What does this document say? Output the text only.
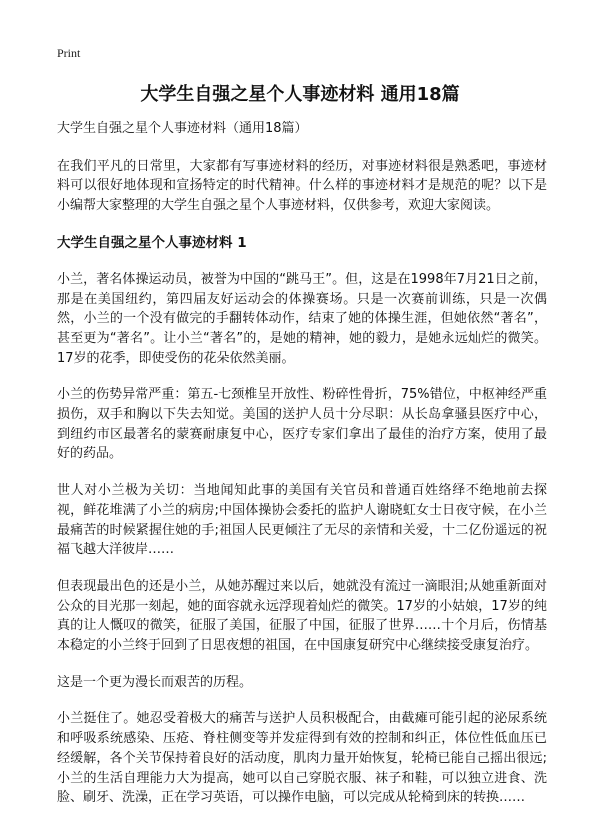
Print
大学生自强之星个人事迹材料 通用18篇

大学生自强之星个人事迹材料（通用18篇）

在我们平凡的日常里，大家都有写事迹材料的经历，对事迹材料很是熟悉吧，事迹材料可以很好地体现和宣扬特定的时代精神。什么样的事迹材料才是规范的呢？以下是小编帮大家整理的大学生自强之星个人事迹材料，仅供参考，欢迎大家阅读。

大学生自强之星个人事迹材料 1

小兰，著名体操运动员，被誉为中国的“跳马王”。但，这是在1998年7月21日之前，那是在美国纽约，第四届友好运动会的体操赛场。只是一次赛前训练，只是一次偶然，小兰的一个没有做完的手翻转体动作，结束了她的体操生涯，但她依然“著名”，甚至更为“著名”。让小兰“著名”的，是她的精神，她的毅力，是她永远灿烂的微笑。17岁的花季，即使受伤的花朵依然美丽。

小兰的伤势异常严重：第五-七颈椎呈开放性、粉碎性骨折，75%错位，中枢神经严重损伤，双手和胸以下失去知觉。美国的送护人员十分尽职：从长岛拿骚县医疗中心，到纽约市区最著名的蒙赛耐康复中心，医疗专家们拿出了最佳的治疗方案，使用了最好的药品。

世人对小兰极为关切：当地闻知此事的美国有关官员和普通百姓络绎不绝地前去探视，鲜花堆满了小兰的病房;中国体操协会委托的监护人谢晓虹女士日夜守候，在小兰最痛苦的时候紧握住她的手;祖国人民更倾注了无尽的亲情和关爱，十二亿份遥远的祝福飞越大洋彼岸……

但表现最出色的还是小兰，从她苏醒过来以后，她就没有流过一滴眼泪;从她重新面对公众的目光那一刻起，她的面容就永远浮现着灿烂的微笑。17岁的小姑娘，17岁的纯真的让人慨叹的微笑，征服了美国，征服了中国，征服了世界……十个月后，伤情基本稳定的小兰终于回到了日思夜想的祖国，在中国康复研究中心继续接受康复治疗。

这是一个更为漫长而艰苦的历程。

小兰挺住了。她忍受着极大的痛苦与送护人员积极配合，由截瘫可能引起的泌尿系统和呼吸系统感染、压疮、脊柱侧变等并发症得到有效的控制和纠正，体位性低血压已经缓解，各个关节保持着良好的活动度，肌肉力量开始恢复，轮椅已能自己摇出很远;小兰的生活自理能力大为提高，她可以自己穿脱衣服、袜子和鞋，可以独立进食、洗脸、刷牙、洗澡，正在学习英语，可以操作电脑，可以完成从轮椅到床的转换……
